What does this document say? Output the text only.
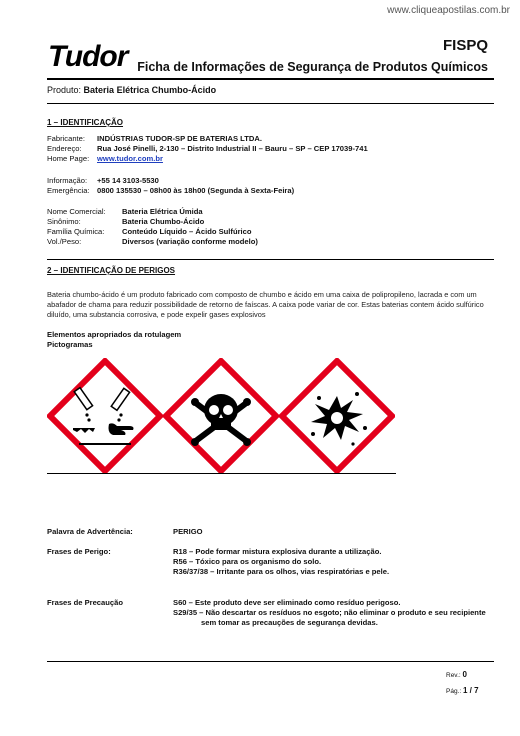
www.cliqueapostilas.com.br
Tudor	FISPQ
Ficha de Informações de Segurança de Produtos Químicos
Produto: Bateria Elétrica Chumbo-Ácido
1 – IDENTIFICAÇÃO
Fabricante: INDÚSTRIAS TUDOR-SP DE BATERIAS LTDA.
Endereço: Rua José Pinelli, 2-130 – Distrito Industrial II – Bauru – SP – CEP 17039-741
Home Page: www.tudor.com.br
Informação: +55 14 3103-5530
Emergência: 0800 135530 – 08h00 às 18h00 (Segunda à Sexta-Feira)
Nome Comercial: Bateria Elétrica Úmida
Sinônimo:	Bateria Chumbo-Ácido
Família Química: Conteúdo Líquido – Ácido Sulfúrico
Vol./Peso:	Diversos (variação conforme modelo)
2 – IDENTIFICAÇÃO DE PERIGOS
Bateria chumbo-ácido é um produto fabricado com composto de chumbo e ácido em uma caixa de polipropileno, lacrada e com um abafador de chama para reduzir possibilidade de retorno de faíscas. A caixa pode variar de cor. Estas baterias contem ácido sulfúrico diluído, uma substancia corrosiva, e pode expelir gases explosivos
Elementos apropriados da rotulagem
Pictogramas
Palavra de Advertência:	PERIGO
Frases de Perigo:	R18 – Pode formar mistura explosiva durante a utilização.
R56 – Tóxico para os organismo do solo.
R36/37/38 – Irritante para os olhos, vias respiratórias e pele.
Frases de Precaução	S60 – Este produto deve ser eliminado como resíduo perigoso.
S29/35 – Não descartar os resíduos no esgoto; não eliminar o produto e seu recipiente
sem tomar as precauções de segurança devidas.
Rev.: 0
Pág.: 1 / 7
